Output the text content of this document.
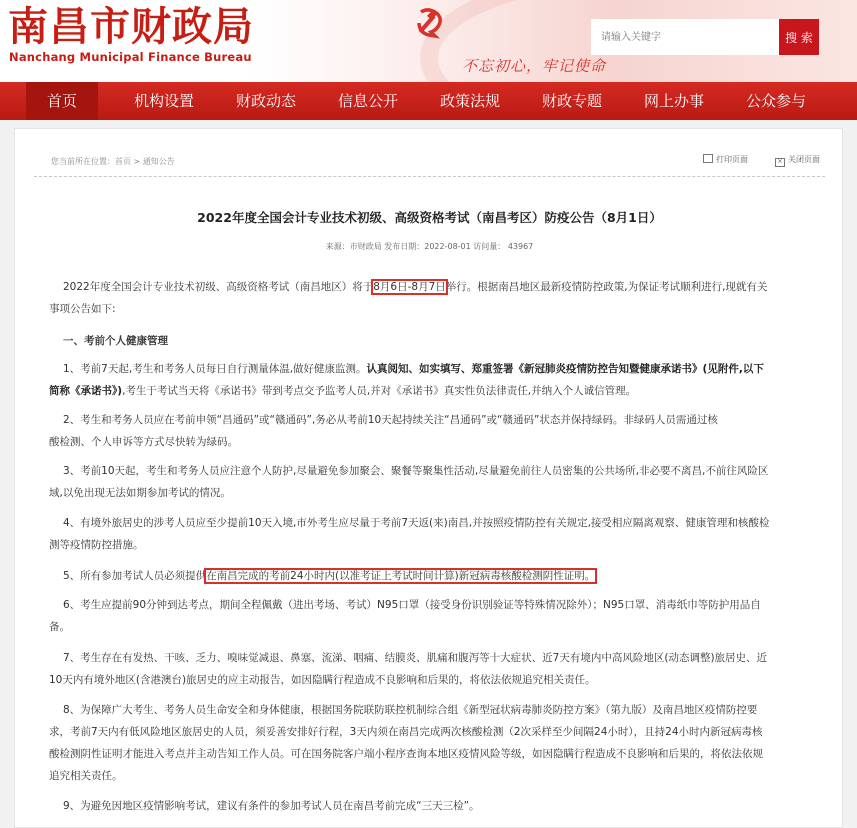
南昌市财政局
Nanchang Municipal Finance Bureau	不忘初心，牢记使命
请输入关键字
搜 索
首页	机构设置	财政动态	信息公开	政策法规	财政专题	网上办事	公众参与
您当前所在位置：首页 > 通知公告	打印页面	× 关闭页面
2022年度全国会计专业技术初级、高级资格考试（南昌考区）防疫公告（8月1日）
来源：市财政局 发布日期：2022-08-01 访问量： 43967
2022年度全国会计专业技术初级、高级资格考试（南昌地区）将于8月6日-8月7日举行。根据南昌地区最新疫情防控政策,为保证考试顺利进行,现就有关
事项公告如下:
一、考前个人健康管理
1、考前7天起,考生和考务人员每日自行测量体温,做好健康监测。认真阅知、如实填写、郑重签署《新冠肺炎疫情防控告知暨健康承诺书》(见附件,以下
简称《承诺书》),考生于考试当天将《承诺书》带到考点交予监考人员,并对《承诺书》真实性负法律责任,并纳入个人诚信管理。
2、考生和考务人员应在考前申领“昌通码”或“赣通码”,务必从考前10天起持续关注“昌通码”或“赣通码”状态并保持绿码。非绿码人员需通过核
酸检测、个人申诉等方式尽快转为绿码。
3、考前10天起，考生和考务人员应注意个人防护,尽量避免参加聚会、聚餐等聚集性活动,尽量避免前往人员密集的公共场所,非必要不离昌,不前往风险区
域,以免出现无法如期参加考试的情况。
4、有境外旅居史的涉考人员应至少提前10天入境,市外考生应尽量于考前7天返(来)南昌,并按照疫情防控有关规定,接受相应隔离观察、健康管理和核酸检
测等疫情防控措施。
5、所有参加考试人员必须提供在南昌完成的考前24小时内(以准考证上考试时间计算)新冠病毒核酸检测阴性证明。
6、考生应提前90分钟到达考点，期间全程佩戴（进出考场、考试）N95口罩（接受身份识别验证等特殊情况除外）；N95口罩、消毒纸巾等防护用品自
备。
7、考生存在有发热、干咳、乏力、嗅味觉减退、鼻塞、流涕、咽痛、结膜炎、肌痛和腹泻等十大症状、近7天有境内中高风险地区(动态调整)旅居史、近
10天内有境外地区(含港澳台)旅居史的应主动报告，如因隐瞒行程造成不良影响和后果的，将依法依规追究相关责任。
8、为保障广大考生、考务人员生命安全和身体健康，根据国务院联防联控机制综合组《新型冠状病毒肺炎防控方案》（第九版）及南昌地区疫情防控要
求，考前7天内有低风险地区旅居史的人员，须妥善安排好行程，3天内须在南昌完成两次核酸检测（2次采样至少间隔24小时），且持24小时内新冠病毒核
酸检测阴性证明才能进入考点并主动告知工作人员。可在国务院客户端小程序查询本地区疫情风险等级，如因隐瞒行程造成不良影响和后果的，将依法依规
追究相关责任。
9、为避免因地区疫情影响考试，建议有条件的参加考试人员在南昌考前完成“三天三检”。
